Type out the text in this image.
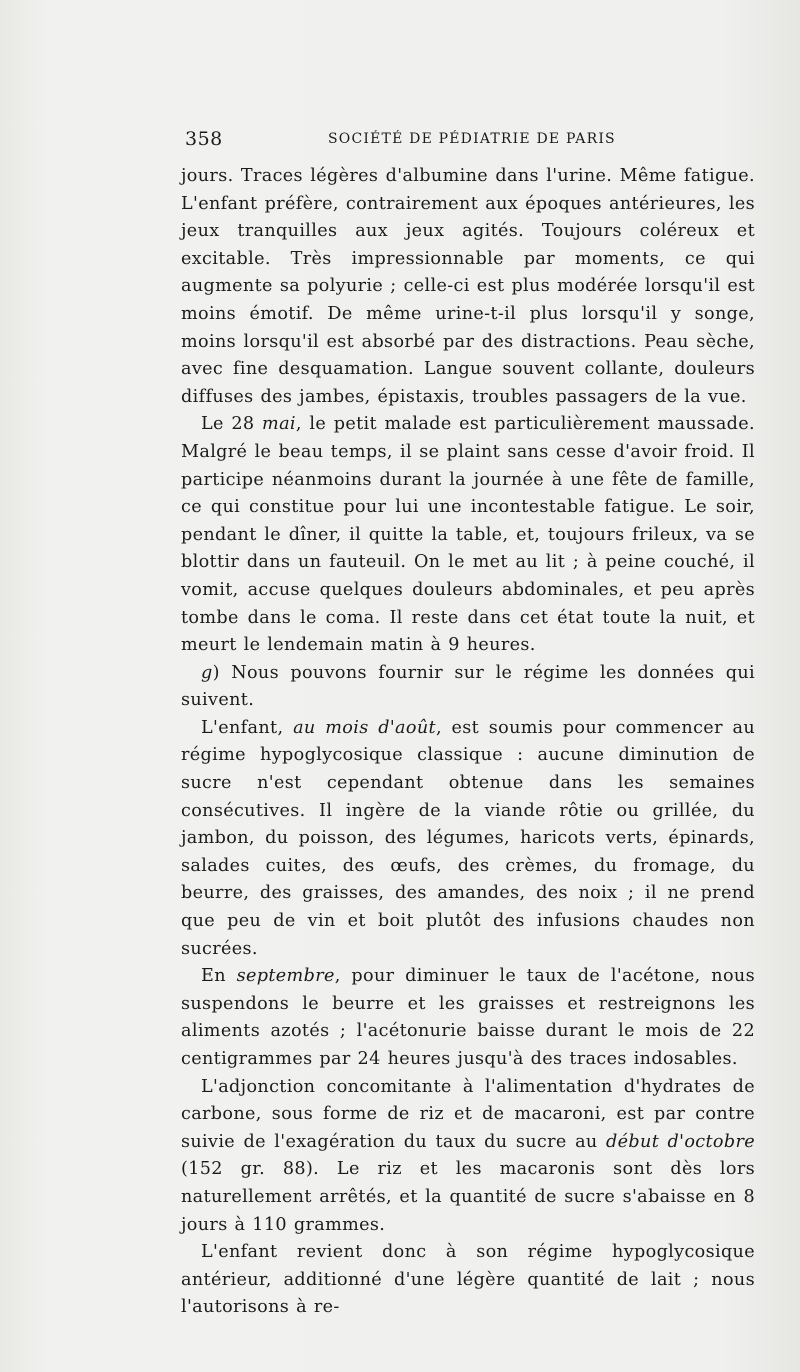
358	SOCIÉTÉ DE PÉDIATRIE DE PARIS

jours. Traces légères d'albumine dans l'urine. Même fatigue. L'enfant préfère, contrairement aux époques antérieures, les jeux tranquilles aux jeux agités. Toujours coléreux et excitable. Très impressionnable par moments, ce qui augmente sa polyurie ; celle-ci est plus modérée lorsqu'il est moins émotif. De même urine-t-il plus lorsqu'il y songe, moins lorsqu'il est absorbé par des distractions. Peau sèche, avec fine desquamation. Langue souvent collante, douleurs diffuses des jambes, épistaxis, troubles passagers de la vue.

Le 28 mai, le petit malade est particulièrement maussade. Malgré le beau temps, il se plaint sans cesse d'avoir froid. Il participe néanmoins durant la journée à une fête de famille, ce qui constitue pour lui une incontestable fatigue. Le soir, pendant le dîner, il quitte la table, et, toujours frileux, va se blottir dans un fauteuil. On le met au lit ; à peine couché, il vomit, accuse quelques douleurs abdominales, et peu après tombe dans le coma. Il reste dans cet état toute la nuit, et meurt le lendemain matin à 9 heures.

g) Nous pouvons fournir sur le régime les données qui suivent.

L'enfant, au mois d'août, est soumis pour commencer au régime hypoglycosique classique : aucune diminution de sucre n'est cependant obtenue dans les semaines consécutives. Il ingère de la viande rôtie ou grillée, du jambon, du poisson, des légumes, haricots verts, épinards, salades cuites, des œufs, des crèmes, du fromage, du beurre, des graisses, des amandes, des noix ; il ne prend que peu de vin et boit plutôt des infusions chaudes non sucrées.

En septembre, pour diminuer le taux de l'acétone, nous suspendons le beurre et les graisses et restreignons les aliments azotés ; l'acétonurie baisse durant le mois de 22 centigrammes par 24 heures jusqu'à des traces indosables.

L'adjonction concomitante à l'alimentation d'hydrates de carbone, sous forme de riz et de macaroni, est par contre suivie de l'exagération du taux du sucre au début d'octobre (152 gr. 88). Le riz et les macaronis sont dès lors naturellement arrêtés, et la quantité de sucre s'abaisse en 8 jours à 110 grammes.

L'enfant revient donc à son régime hypoglycosique antérieur, additionné d'une légère quantité de lait ; nous l'autorisons à re-
